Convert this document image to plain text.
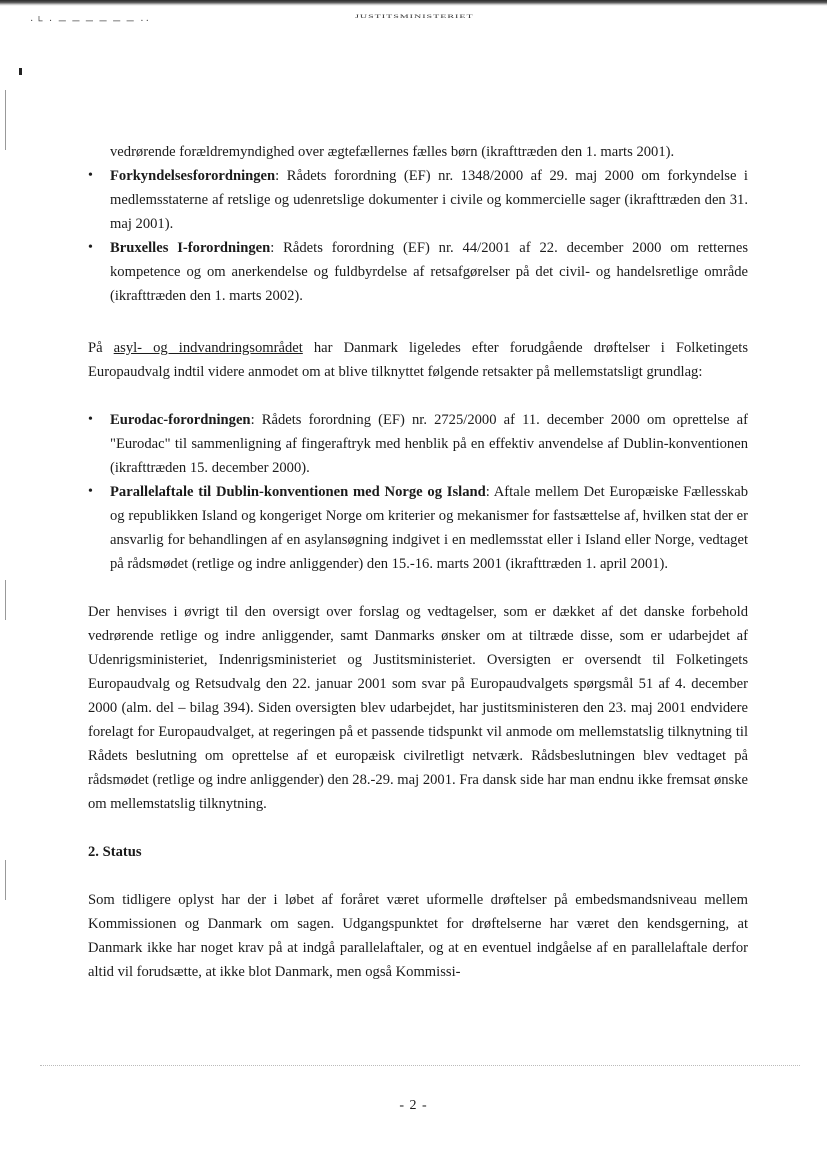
·└ · ─ ─ ─ ─ ─ ─ ··	JUSTITSMINISTERIET

vedrørende forældremyndighed over ægtefællernes fælles børn (ikrafttræden den 1. marts 2001).

• Forkyndelsesforordningen: Rådets forordning (EF) nr. 1348/2000 af 29. maj 2000 om forkyndelse i medlemsstaterne af retslige og udenretslige dokumenter i civile og kommercielle sager (ikrafttræden den 31. maj 2001).
• Bruxelles I-forordningen: Rådets forordning (EF) nr. 44/2001 af 22. december 2000 om retternes kompetence og om anerkendelse og fuldbyrdelse af retsafgørelser på det civil- og handelsretlige område (ikrafttræden den 1. marts 2002).

På asyl- og indvandringsområdet har Danmark ligeledes efter forudgående drøftelser i Folketingets Europaudvalg indtil videre anmodet om at blive tilknyttet følgende retsakter på mellemstatsligt grundlag:

• Eurodac-forordningen: Rådets forordning (EF) nr. 2725/2000 af 11. december 2000 om oprettelse af "Eurodac" til sammenligning af fingeraftryk med henblik på en effektiv anvendelse af Dublin-konventionen (ikrafttræden 15. december 2000).
• Parallelaftale til Dublin-konventionen med Norge og Island: Aftale mellem Det Europæiske Fællesskab og republikken Island og kongeriget Norge om kriterier og mekanismer for fastsættelse af, hvilken stat der er ansvarlig for behandlingen af en asylansøgning indgivet i en medlemsstat eller i Island eller Norge, vedtaget på rådsmødet (retlige og indre anliggender) den 15.-16. marts 2001 (ikrafttræden 1. april 2001).

Der henvises i øvrigt til den oversigt over forslag og vedtagelser, som er dækket af det danske forbehold vedrørende retlige og indre anliggender, samt Danmarks ønsker om at tiltræde disse, som er udarbejdet af Udenrigsministeriet, Indenrigsministeriet og Justitsministeriet. Oversigten er oversendt til Folketingets Europaudvalg og Retsudvalg den 22. januar 2001 som svar på Europaudvalgets spørgsmål 51 af 4. december 2000 (alm. del – bilag 394). Siden oversigten blev udarbejdet, har justitsministeren den 23. maj 2001 endvidere forelagt for Europaudvalget, at regeringen på et passende tidspunkt vil anmode om mellemstatslig tilknytning til Rådets beslutning om oprettelse af et europæisk civilretligt netværk. Rådsbeslutningen blev vedtaget på rådsmødet (retlige og indre anliggender) den 28.-29. maj 2001. Fra dansk side har man endnu ikke fremsat ønske om mellemstatslig tilknytning.

2. Status

Som tidligere oplyst har der i løbet af foråret været uformelle drøftelser på embedsmandsniveau mellem Kommissionen og Danmark om sagen. Udgangspunktet for drøftelserne har været den kendsgerning, at Danmark ikke har noget krav på at indgå parallelaftaler, og at en eventuel indgåelse af en parallelaftale derfor altid vil forudsætte, at ikke blot Danmark, men også Kommissi-

- 2 -
